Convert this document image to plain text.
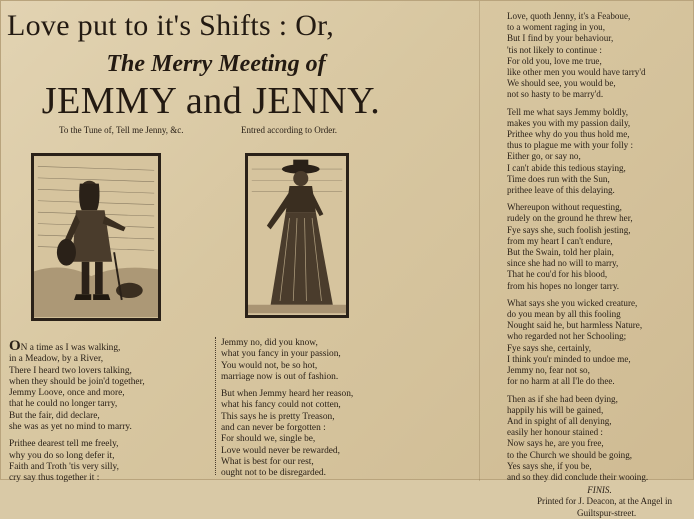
Love put to it's Shifts : Or,
The Merry Meeting of
JEMMY and JENNY.
To the Tune of, Tell me Jenny, &c.	Entred according to Order.
ON a time as I was walking,
in a Meadow, by a River,
There I heard two lovers talking,
when they should be join'd together,
Jemmy Loove, once and more,
that he could no longer tarry,
But the fair, did declare,
she was as yet no mind to marry.
Prithee dearest tell me freely,
why you do so long defer it,
Faith and Troth 'tis very silly,
cry say thus together it :
Jemmy no, did you know,
what you fancy in your passion,
You would not, be so hot,
marriage now is out of fashion.
But when Jemmy heard her reason,
what his fancy could not cotten,
This says he is pretty Treason,
and can never be forgotten :
For should we, single be,
Love would never be rewarded,
What is best for our rest,
ought not to be disregarded.
Love, quoth Jenny, it's a Feaboue,
to a woment raging in you,
But I find by your behaviour,
'tis not likely to continue :
For old you, love me true,
like other men you would have tarry'd
We should see, you would be,
not so hasty to be marry'd.
Tell me what says Jemmy boldly,
makes you with my passion daily,
Prithee why do you thus hold me,
thus to plague me with your folly :
Either go, or say no,
I can't abide this tedious staying,
Time does run with the Sun,
prithee leave of this delaying.
Whereupon without requesting,
rudely on the ground he threw her,
Fye says she, such foolish jesting,
from my heart I can't endure,
But the Swain, told her plain,
since she had no will to marry,
That he cou'd for his blood,
from his hopes no longer tarry.
What says she you wicked creature,
do you mean by all this fooling
Nought said he, but harmless Nature,
who regarded not her Schooling;
Fye says she, certainly,
I think you'r minded to undoe me,
Jemmy no, fear not so,
for no harm at all I'le do thee.
Then as if she had been dying,
happily his will be gained,
And in spight of all denying,
easily her honour stained :
Now says he, are you free,
to the Church we should be going,
Yes says she, if you be,
and so they did conclude their wooing.
FINIS.
Printed for J. Deacon, at the Angel in
Guiltspur-street.
